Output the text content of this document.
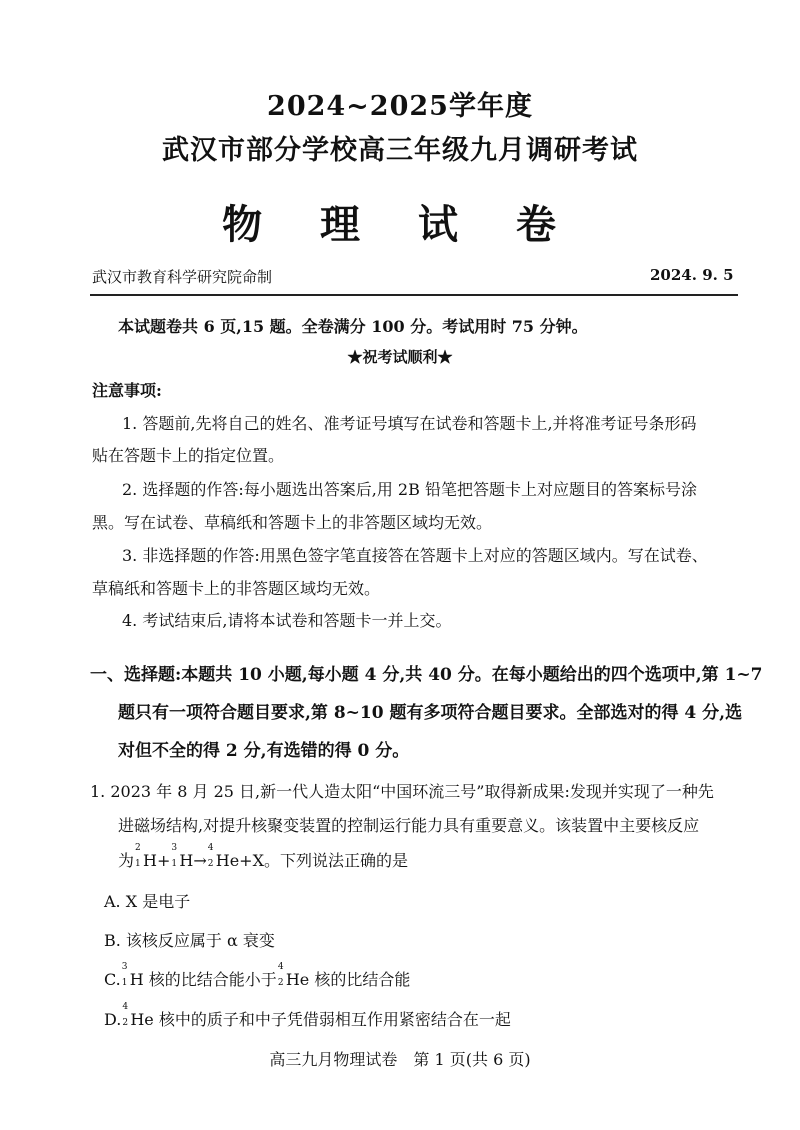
2024~2025学年度
武汉市部分学校高三年级九月调研考试
物 理 试 卷
武汉市教育科学研究院命制	2024. 9. 5
本试题卷共 6 页,15 题。全卷满分 100 分。考试用时 75 分钟。
★祝考试顺利★
注意事项:
1. 答题前,先将自己的姓名、准考证号填写在试卷和答题卡上,并将准考证号条形码
贴在答题卡上的指定位置。
2. 选择题的作答:每小题选出答案后,用 2B 铅笔把答题卡上对应题目的答案标号涂
黑。写在试卷、草稿纸和答题卡上的非答题区域均无效。
3. 非选择题的作答:用黑色签字笔直接答在答题卡上对应的答题区域内。写在试卷、
草稿纸和答题卡上的非答题区域均无效。
4. 考试结束后,请将本试卷和答题卡一并上交。
一、选择题:本题共 10 小题,每小题 4 分,共 40 分。在每小题给出的四个选项中,第 1~7
题只有一项符合题目要求,第 8~10 题有多项符合题目要求。全部选对的得 4 分,选
对但不全的得 2 分,有选错的得 0 分。
1. 2023 年 8 月 25 日,新一代人造太阳“中国环流三号”取得新成果:发现并实现了一种先
进磁场结构,对提升核聚变装置的控制运行能力具有重要意义。该装置中主要核反应
为
2
1 H+
3
1 H→
4
2 He+X。下列说法正确的是
A. X 是电子
B. 该核反应属于 α 衰变
C.
3
1 H 核的比结合能小于
4
2 He 核的比结合能
D.
4
2 He 核中的质子和中子凭借弱相互作用紧密结合在一起
高三九月物理试卷　第 1 页(共 6 页)
